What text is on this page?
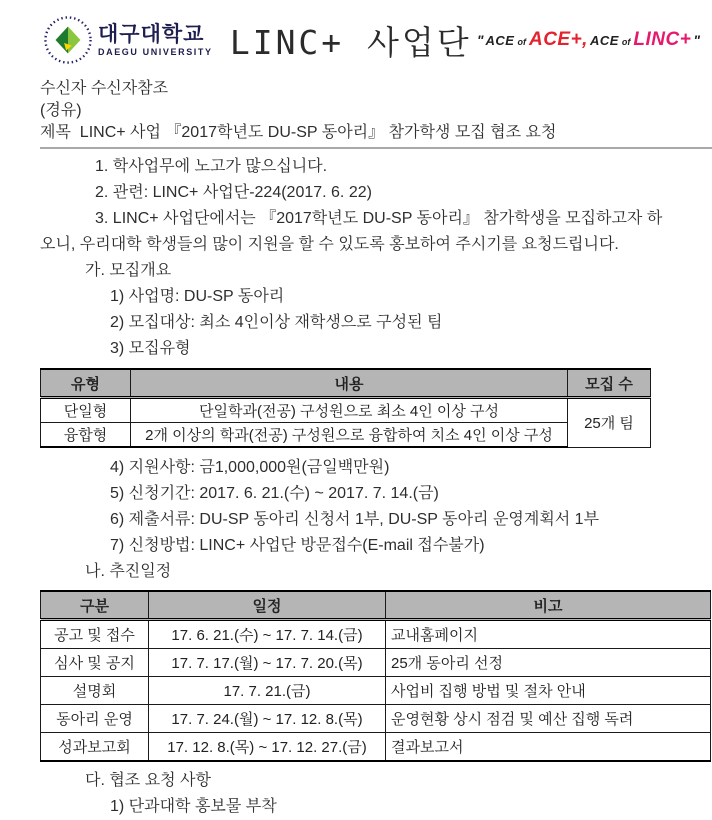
대구대학교
DAEGU UNIVERSITY LINC+ 사업단 " ACE of ACE+, ACE of LINC+ "
수신자 수신자참조
(경유)
제목  LINC+ 사업 『2017학년도 DU-SP 동아리』 참가학생 모집 협조 요청
1. 학사업무에 노고가 많으십니다.
2. 관련: LINC+ 사업단-224(2017. 6. 22)
3. LINC+ 사업단에서는 『2017학년도 DU-SP 동아리』 참가학생을 모집하고자 하
오니, 우리대학 학생들의 많이 지원을 할 수 있도록 홍보하여 주시기를 요청드립니다.
가. 모집개요
1) 사업명: DU-SP 동아리
2) 모집대상: 최소 4인이상 재학생으로 구성된 팀
3) 모집유형
유형	내용	모집 수
단일형	단일학과(전공) 구성원으로 최소 4인 이상 구성	25개 팀
융합형	2개 이상의 학과(전공) 구성원으로 융합하여 치소 4인 이상 구성	
4) 지원사항: 금1,000,000원(금일백만원)
5) 신청기간: 2017. 6. 21.(수) ~ 2017. 7. 14.(금)
6) 제출서류: DU-SP 동아리 신청서 1부, DU-SP 동아리 운영계획서 1부
7) 신청방법: LINC+ 사업단 방문접수(E-mail 접수불가)
나. 추진일정
구분	일정	비고
공고 및 접수	17. 6. 21.(수) ~ 17. 7. 14.(금)	교내홈페이지
심사 및 공지	17. 7. 17.(월) ~ 17. 7. 20.(목)	25개 동아리 선정
설명회	17. 7. 21.(금)	사업비 집행 방법 및 절차 안내
동아리 운영	17. 7. 24.(월) ~ 17. 12. 8.(목)	운영현황 상시 점검 및 예산 집행 독려
성과보고회	17. 12. 8.(목) ~ 17. 12. 27.(금)	결과보고서
다. 협조 요청 사항
1) 단과대학 홍보물 부착
